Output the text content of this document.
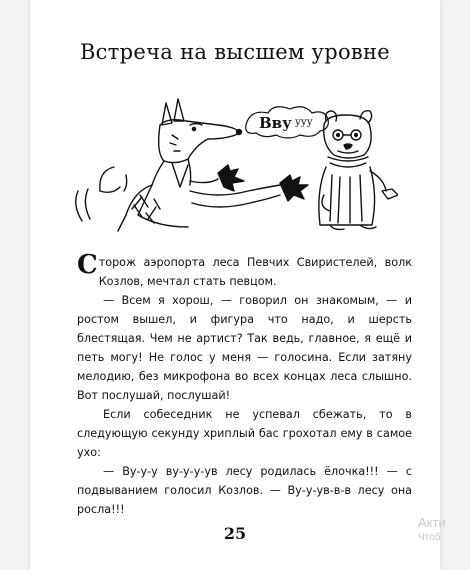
Встреча на высшем уровне
Вву ууу

Сторож аэропорта леса Певчих Свиристелей, волк Козлов, мечтал стать певцом.

— Всем я хорош, — говорил он знакомым, — и ростом вышел, и фигура что надо, и шерсть блестящая. Чем не артист? Так ведь, главное, я ещё и петь могу! Не голос у меня — голосина. Если затяну мелодию, без микрофона во всех концах леса слышно. Вот послушай, послушай!

Если собеседник не успевал сбежать, то в следующую секунду хриплый бас грохотал ему в самое ухо:

— Ву-у-у ву-у-у-ув лесу родилась ёлочка!!! — с подвыванием голосил Козлов. — Ву-у-ув-в-в лесу она росла!!!

25
Акти
Чтоб
